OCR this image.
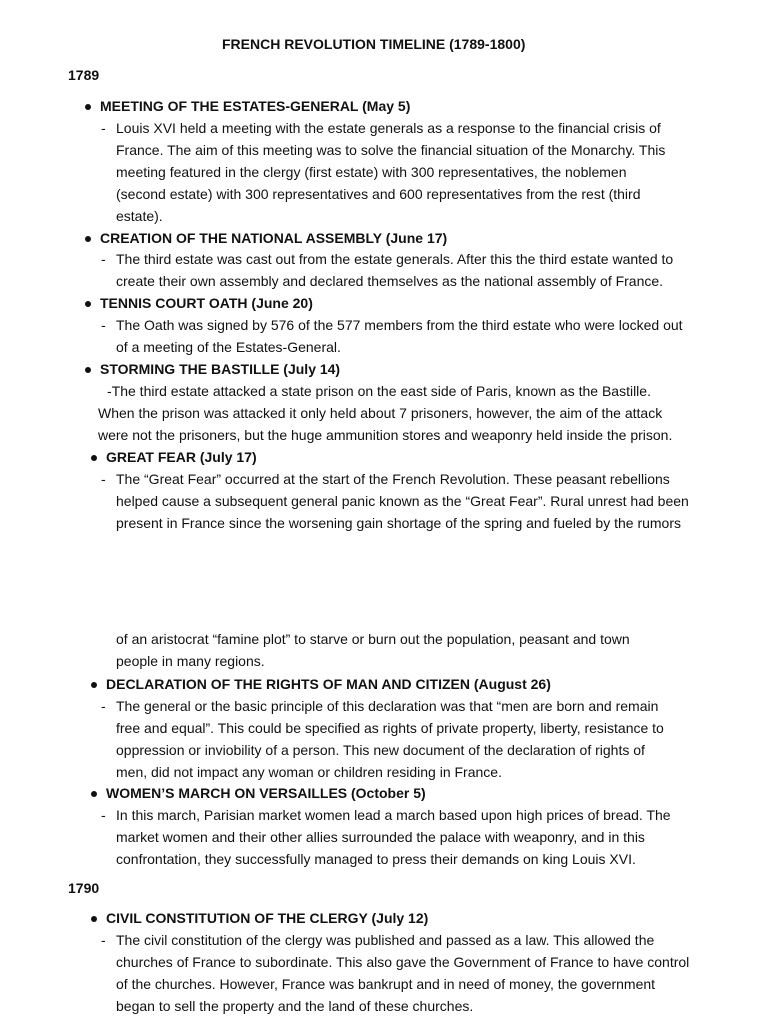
FRENCH REVOLUTION TIMELINE (1789-1800)
1789
MEETING OF THE ESTATES-GENERAL (May 5)
- Louis XVI held a meeting with the estate generals as a response to the financial crisis of
France. The aim of this meeting was to solve the financial situation of the Monarchy. This
meeting featured in the clergy (first estate) with 300 representatives, the noblemen
(second estate) with 300 representatives and 600 representatives from the rest (third
estate).
CREATION OF THE NATIONAL ASSEMBLY (June 17)
- The third estate was cast out from the estate generals. After this the third estate wanted to
create their own assembly and declared themselves as the national assembly of France.
TENNIS COURT OATH (June 20)
- The Oath was signed by 576 of the 577 members from the third estate who were locked out
of a meeting of the Estates-General.
STORMING THE BASTILLE (July 14)
-The third estate attacked a state prison on the east side of Paris, known as the Bastille.
When the prison was attacked it only held about 7 prisoners, however, the aim of the attack
were not the prisoners, but the huge ammunition stores and weaponry held inside the prison.
GREAT FEAR (July 17)
- The “Great Fear” occurred at the start of the French Revolution. These peasant rebellions
helped cause a subsequent general panic known as the “Great Fear”. Rural unrest had been
present in France since the worsening gain shortage of the spring and fueled by the rumors
of an aristocrat “famine plot” to starve or burn out the population, peasant and town
people in many regions.
DECLARATION OF THE RIGHTS OF MAN AND CITIZEN (August 26)
- The general or the basic principle of this declaration was that “men are born and remain
free and equal”. This could be specified as rights of private property, liberty, resistance to
oppression or inviobility of a person. This new document of the declaration of rights of
men, did not impact any woman or children residing in France.
WOMEN’S MARCH ON VERSAILLES (October 5)
- In this march, Parisian market women lead a march based upon high prices of bread. The
market women and their other allies surrounded the palace with weaponry, and in this
confrontation, they successfully managed to press their demands on king Louis XVI.
1790
CIVIL CONSTITUTION OF THE CLERGY (July 12)
- The civil constitution of the clergy was published and passed as a law. This allowed the
churches of France to subordinate. This also gave the Government of France to have control
of the churches. However, France was bankrupt and in need of money, the government
began to sell the property and the land of these churches.
